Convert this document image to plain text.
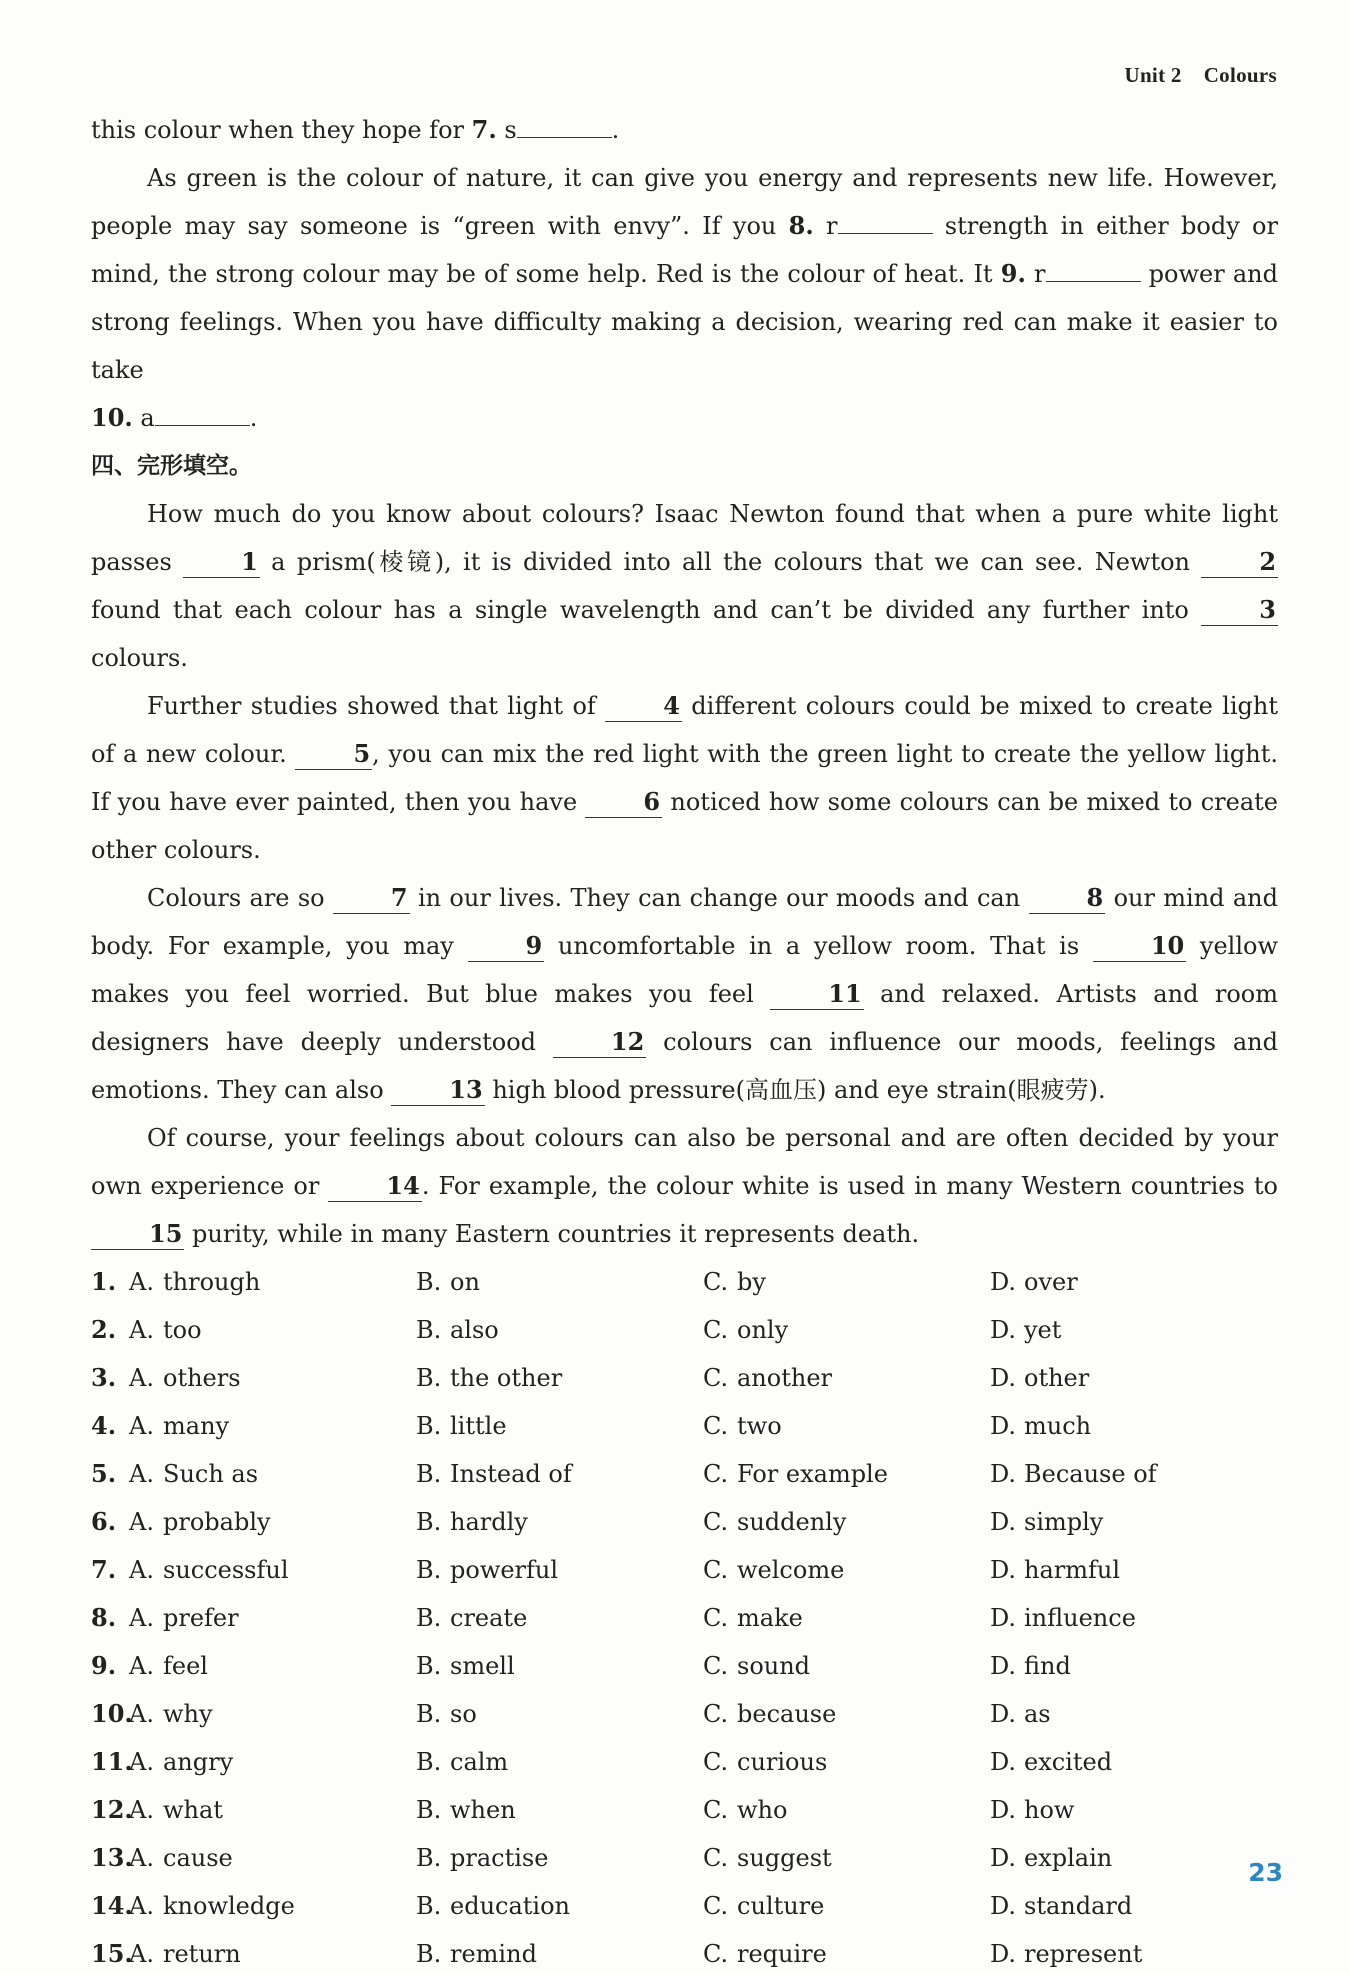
Unit 2 Colours

this colour when they hope for 7. s	.

As green is the colour of nature, it can give you energy and represents new life. However, people may say someone is “green with envy”. If you 8. r	strength in either body or mind, the strong colour may be of some help. Red is the colour of heat. It 9. r	power and strong feelings. When you have difficulty making a decision, wearing red can make it easier to take

10. a	.

四、完形填空。

How much do you know about colours? Isaac Newton found that when a pure white light passes 1 a prism(棱镜), it is divided into all the colours that we can see. Newton 2 found that each colour has a single wavelength and can’t be divided any further into 3 colours.

Further studies showed that light of 4 different colours could be mixed to create light of a new colour. 5, you can mix the red light with the green light to create the yellow light. If you have ever painted, then you have 6 noticed how some colours can be mixed to create other colours.

Colours are so 7 in our lives. They can change our moods and can 8 our mind and body. For example, you may 9 uncomfortable in a yellow room. That is 10 yellow makes you feel worried. But blue makes you feel 11 and relaxed. Artists and room designers have deeply understood 12 colours can influence our moods, feelings and emotions. They can also 13 high blood pressure(高血压) and eye strain(眼疲劳).

Of course, your feelings about colours can also be personal and are often decided by your own experience or 14. For example, the colour white is used in many Western countries to 15 purity, while in many Eastern countries it represents death.

1. A. through	B. on	C. by	D. over
2. A. too	B. also	C. only	D. yet
3. A. others	B. the other	C. another	D. other
4. A. many	B. little	C. two	D. much
5. A. Such as	B. Instead of	C. For example	D. Because of
6. A. probably	B. hardly	C. suddenly	D. simply
7. A. successful	B. powerful	C. welcome	D. harmful
8. A. prefer	B. create	C. make	D. influence
9. A. feel	B. smell	C. sound	D. find
10.
A. why	B. so	C. because	D. as
11.
A. angry	B. calm	C. curious	D. excited
12.
A. what	B. when	C. who	D. how
13.
A. cause	B. practise	C. suggest	D. explain
14.
A. knowledge	B. education	C. culture	D. standard
15.
A. return	B. remind	C. require	D. represent
23
